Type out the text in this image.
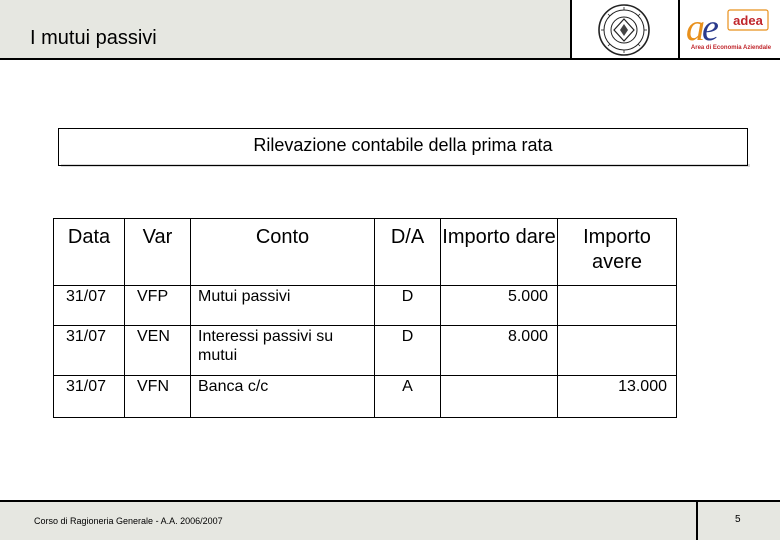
I mutui passivi	a
e adea
Area di Economia Aziendale
Rilevazione contabile della prima rata
Data	Var	Conto	D/A	Importo dare	Importo avere
31/07	VFP	Mutui passivi	D	5.000	
31/07	VEN	Interessi passivi su mutui	D	8.000	
31/07	VFN	Banca c/c	A		13.000
Corso di Ragioneria Generale - A.A. 2006/2007	5
